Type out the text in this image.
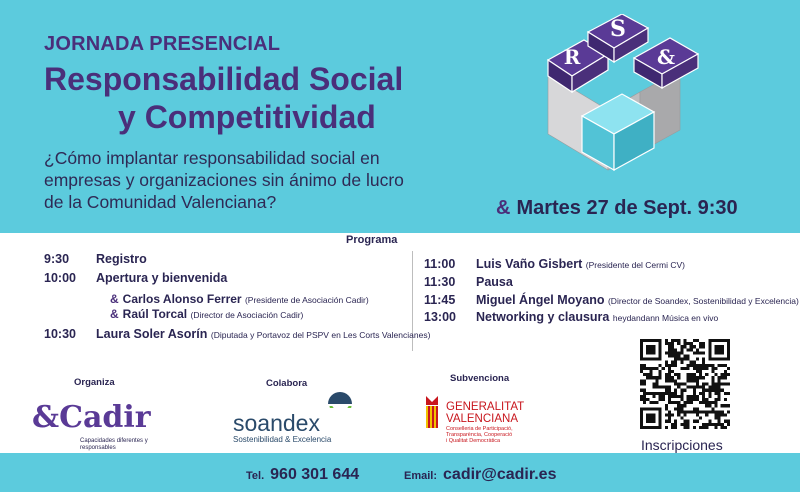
JORNADA PRESENCIAL
Responsabilidad Social
y Competitividad
¿Cómo implantar responsabilidad social en empresas y organizaciones sin ánimo de lucro de la Comunidad Valenciana?
R
S
&
& Martes 27 de Sept. 9:30
Programa
9:30 Registro
10:00 Apertura y bienvenida
& Carlos Alonso Ferrer (Presidente de Asociación Cadir)
& Raúl Torcal (Director de Asociación Cadir)
10:30 Laura Soler Asorín (Diputada y Portavoz del PSPV en Les Corts Valencianes)
11:00 Luis Vaño Gisbert (Presidente del Cermi CV)
11:30 Pausa
11:45 Miguel Ángel Moyano (Director de Soandex, Sostenibilidad y Excelencia)
13:00 Networking y clausura heydandann Música en vivo
Organiza	Colabora	Subvenciona
&Cadir
Capacidades diferentes y responsables
soandex
Sostenibilidad & Excelencia
GENERALITAT
VALENCIANA
Conselleria de Participació,
Transparència, Cooperació
i Qualitat Democràtica	Inscripciones
Tel. 960 301 644	Email: cadir@cadir.es
